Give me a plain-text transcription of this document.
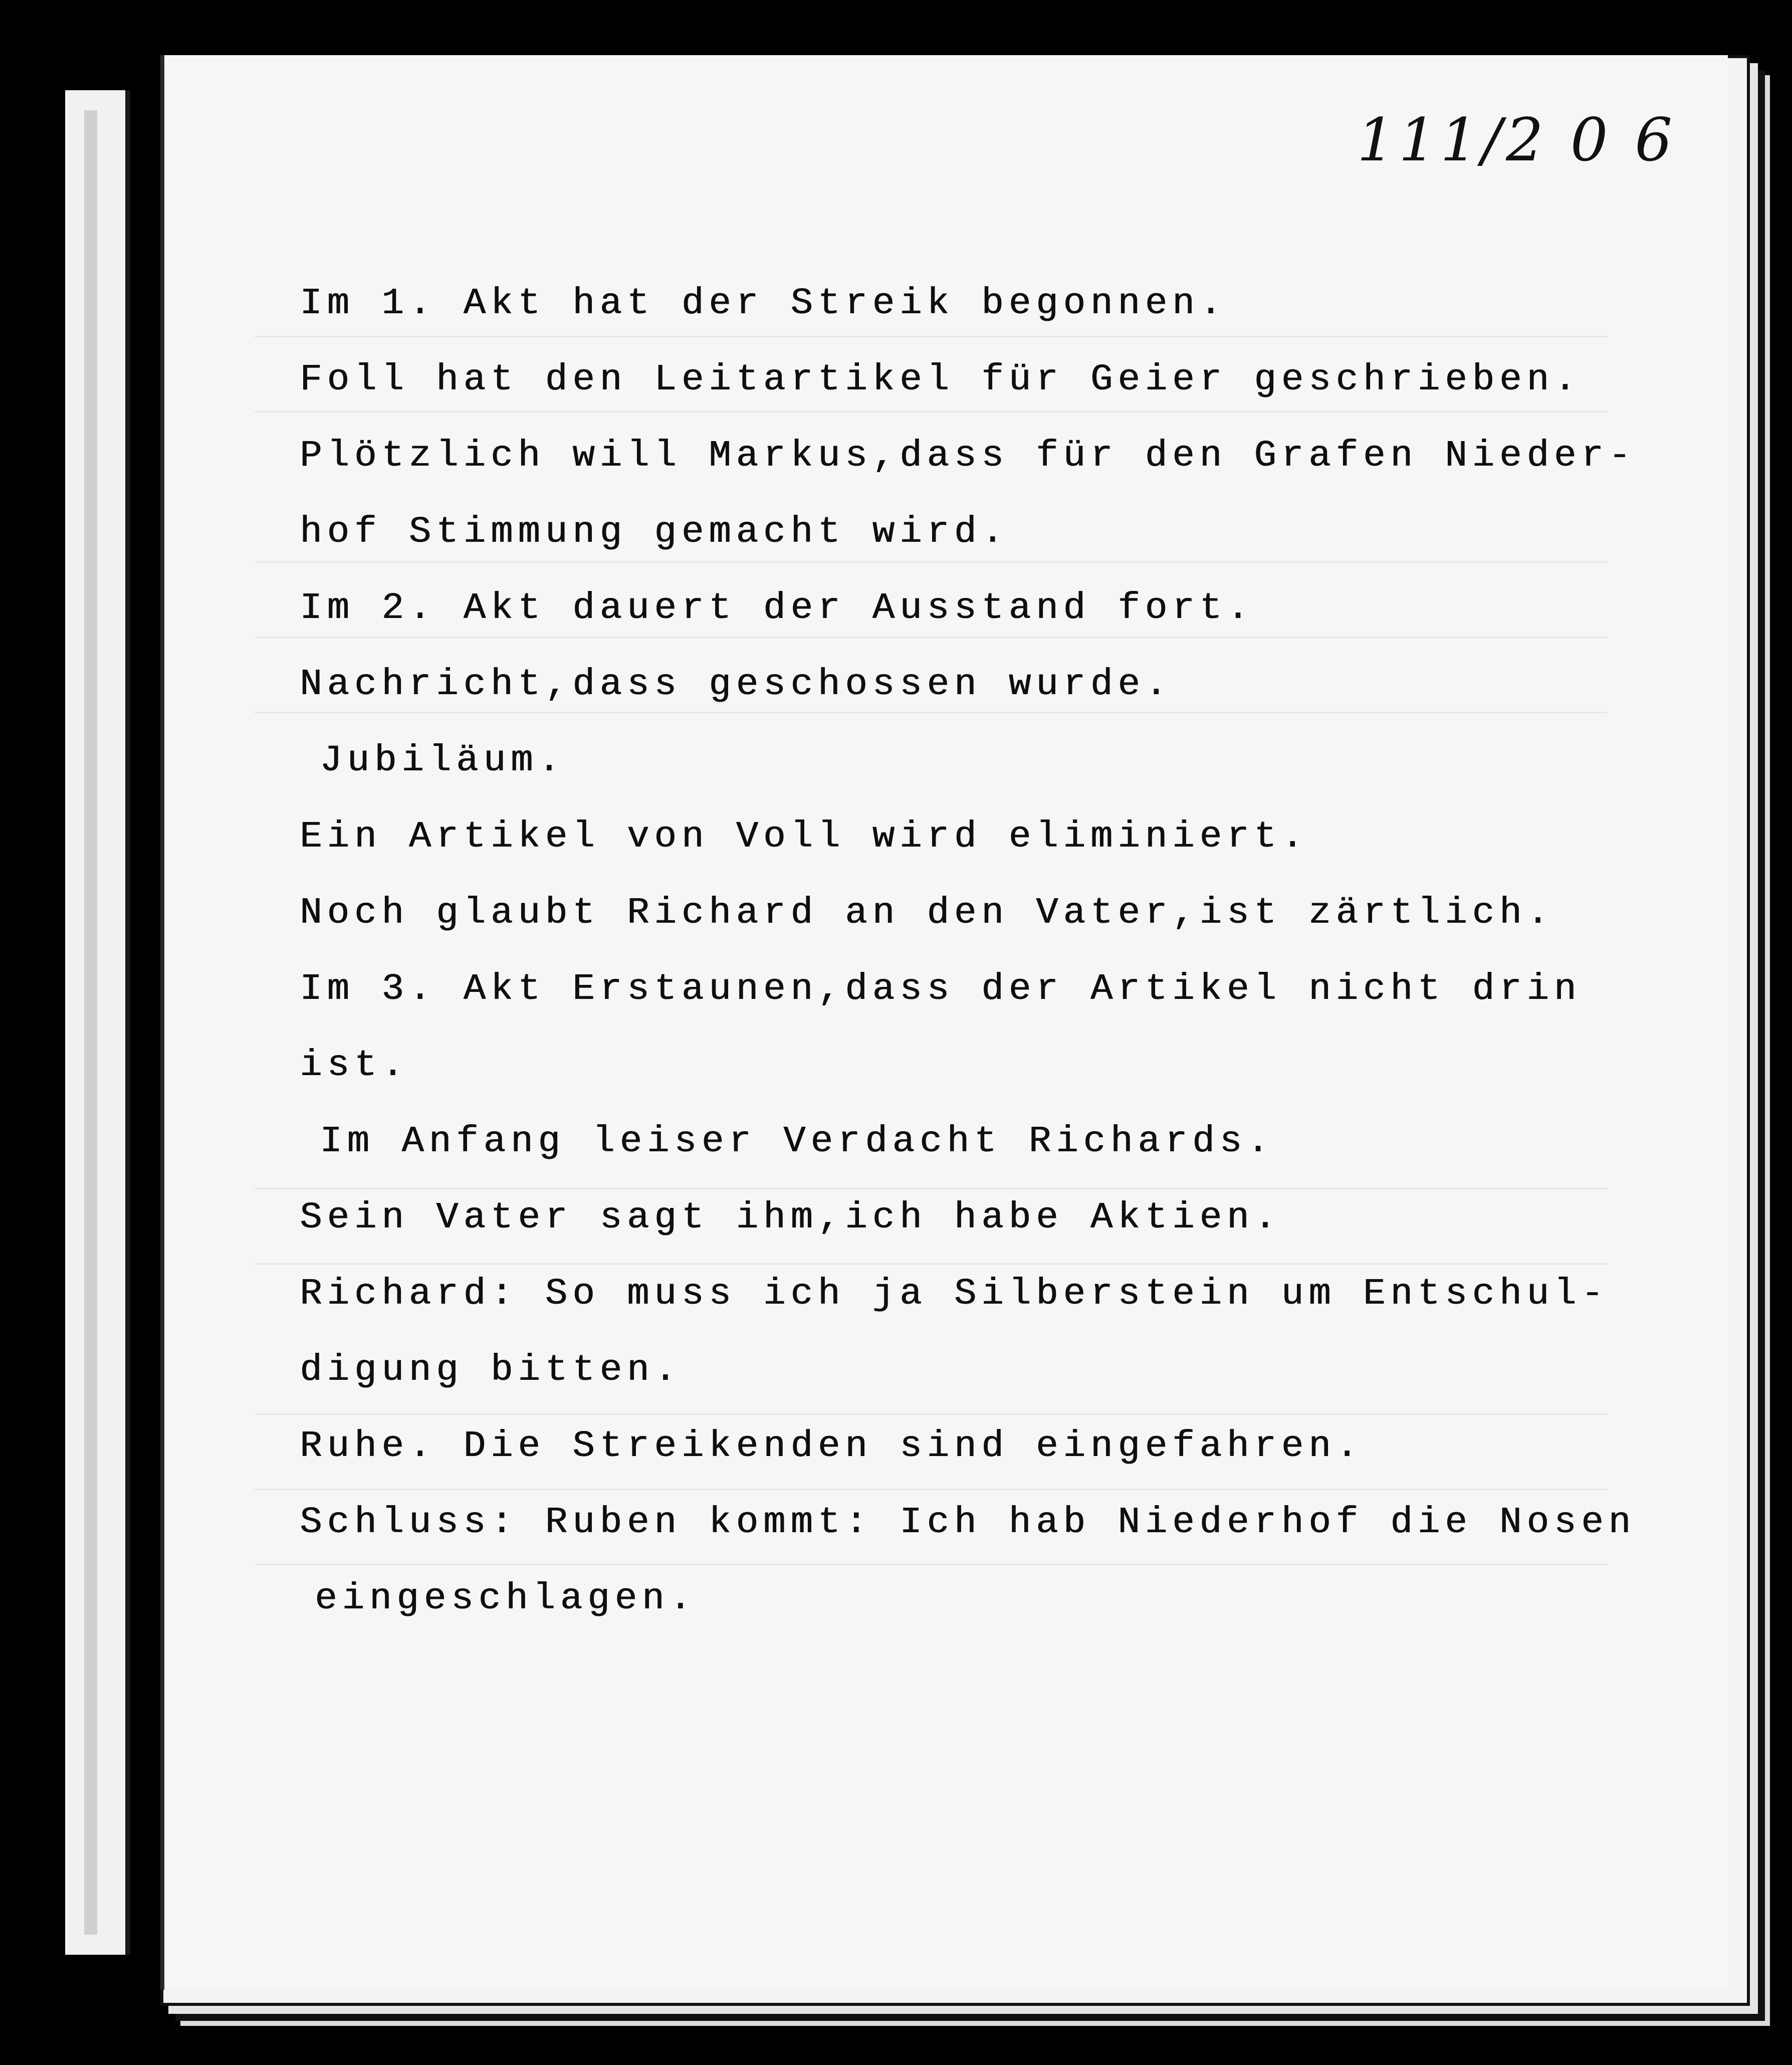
111/2 0 6
Im 1. Akt hat der Streik begonnen.
Foll hat den Leitartikel für Geier geschrieben.
Plötzlich will Markus,dass für den Grafen Nieder-
hof Stimmung gemacht wird.
Im 2. Akt dauert der Ausstand fort.
Nachricht,dass geschossen wurde.
Jubiläum.
Ein Artikel von Voll wird eliminiert.
Noch glaubt Richard an den Vater,ist zärtlich.
Im 3. Akt Erstaunen,dass der Artikel nicht drin
ist.
Im Anfang leiser Verdacht Richards.
Sein Vater sagt ihm,ich habe Aktien.
Richard: So muss ich ja Silberstein um Entschul-
digung bitten.
Ruhe. Die Streikenden sind eingefahren.
Schluss: Ruben kommt: Ich hab Niederhof die Nosen
eingeschlagen.
